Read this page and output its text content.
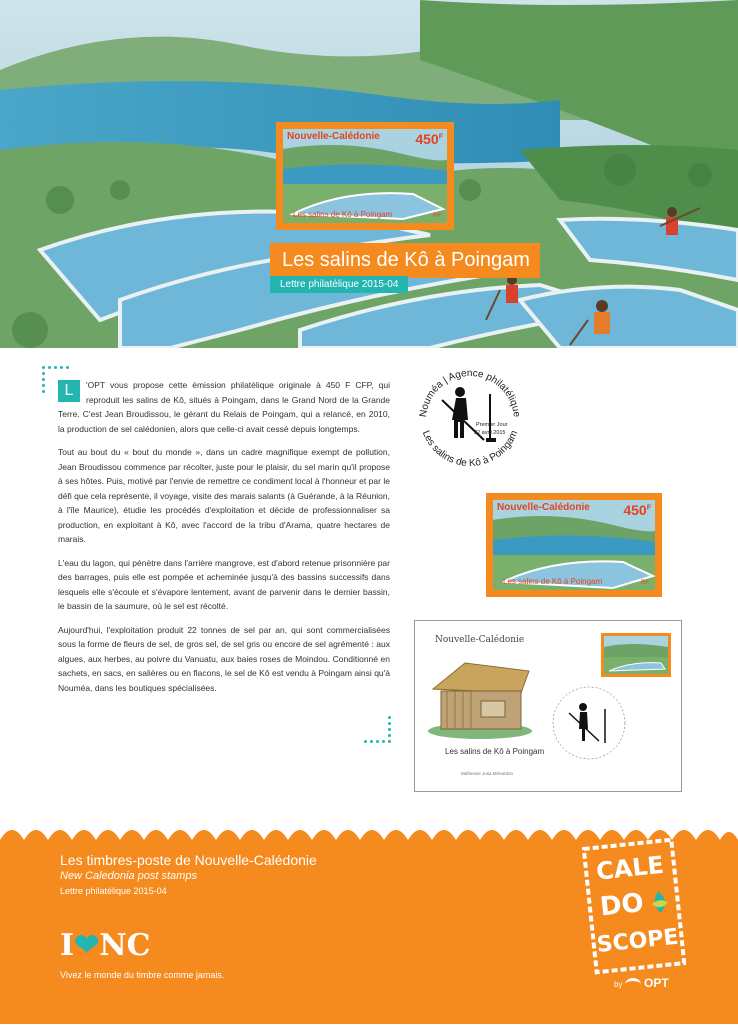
Nouvelle-Calédonie	$450^F$
Les salins de Kô à Poingam	RF
Les salins de Kô à Poingam
Lettre philatélique 2015-04

L	'OPT vous propose cette émission philatélique originale à 450 F CFP, qui reproduit les salins de Kô, situés à Poingam, dans le Grand Nord de la Grande Terre. C'est Jean Broudissou, le gérant du Relais de Poingam, qui a relancé, en 2010, la production de sel calédonien, alors que celle-ci avait cessé depuis longtemps.

Tout au bout du « bout du monde », dans un cadre magnifique exempt de pollution, Jean Broudissou commence par récolter, juste pour le plaisir, du sel marin qu'il propose à ses hôtes. Puis, motivé par l'envie de remettre ce condiment local à l'honneur et par le défi que cela représente, il voyage, visite des marais salants (à Guérande, à la Réunion, à l'île Maurice), étudie les procédés d'exploitation et décide de professionnaliser sa production, en exploitant à Kô, avec l'accord de la tribu d'Arama, quatre hectares de marais.

L'eau du lagon, qui pénètre dans l'arrière mangrove, est d'abord retenue prisonnière par des barrages, puis elle est pompée et acheminée jusqu'à des bassins successifs dans lesquels elle s'écoule et s'évapore lentement, avant de parvenir dans le dernier bassin, le bassin de la saumure, où le sel est récolté.

Aujourd'hui, l'exploitation produit 22 tonnes de sel par an, qui sont commercialisées sous la forme de fleurs de sel, de gros sel, de sel gris ou encore de sel agrémenté : aux algues, aux herbes, au poivre du Vanuatu, aux baies roses de Moindou. Conditionné en sachets, en sacs, en salières ou en flacons, le sel de Kô est vendu à Poingam ainsi qu'à Nouméa, dans les boutiques spécialisées.

Nouméa | Agence philatélique
Les salins de Kô à Poingam
Premier Jour
22 avril 2015
Nouvelle-Calédonie $450^F$
Les salins de Kô à Poingam	RF
Nouvelle-Calédonie
Les salins de Kô à Poingam
Maîtresse Josa Ménardon
Les timbres-poste de Nouvelle-Calédonie
New Caledonia post stamps
Lettre philatélique 2015-04
I❤NC
Vivez le monde du timbre comme jamais.
CALE
DO
SCOPE
by OPT
